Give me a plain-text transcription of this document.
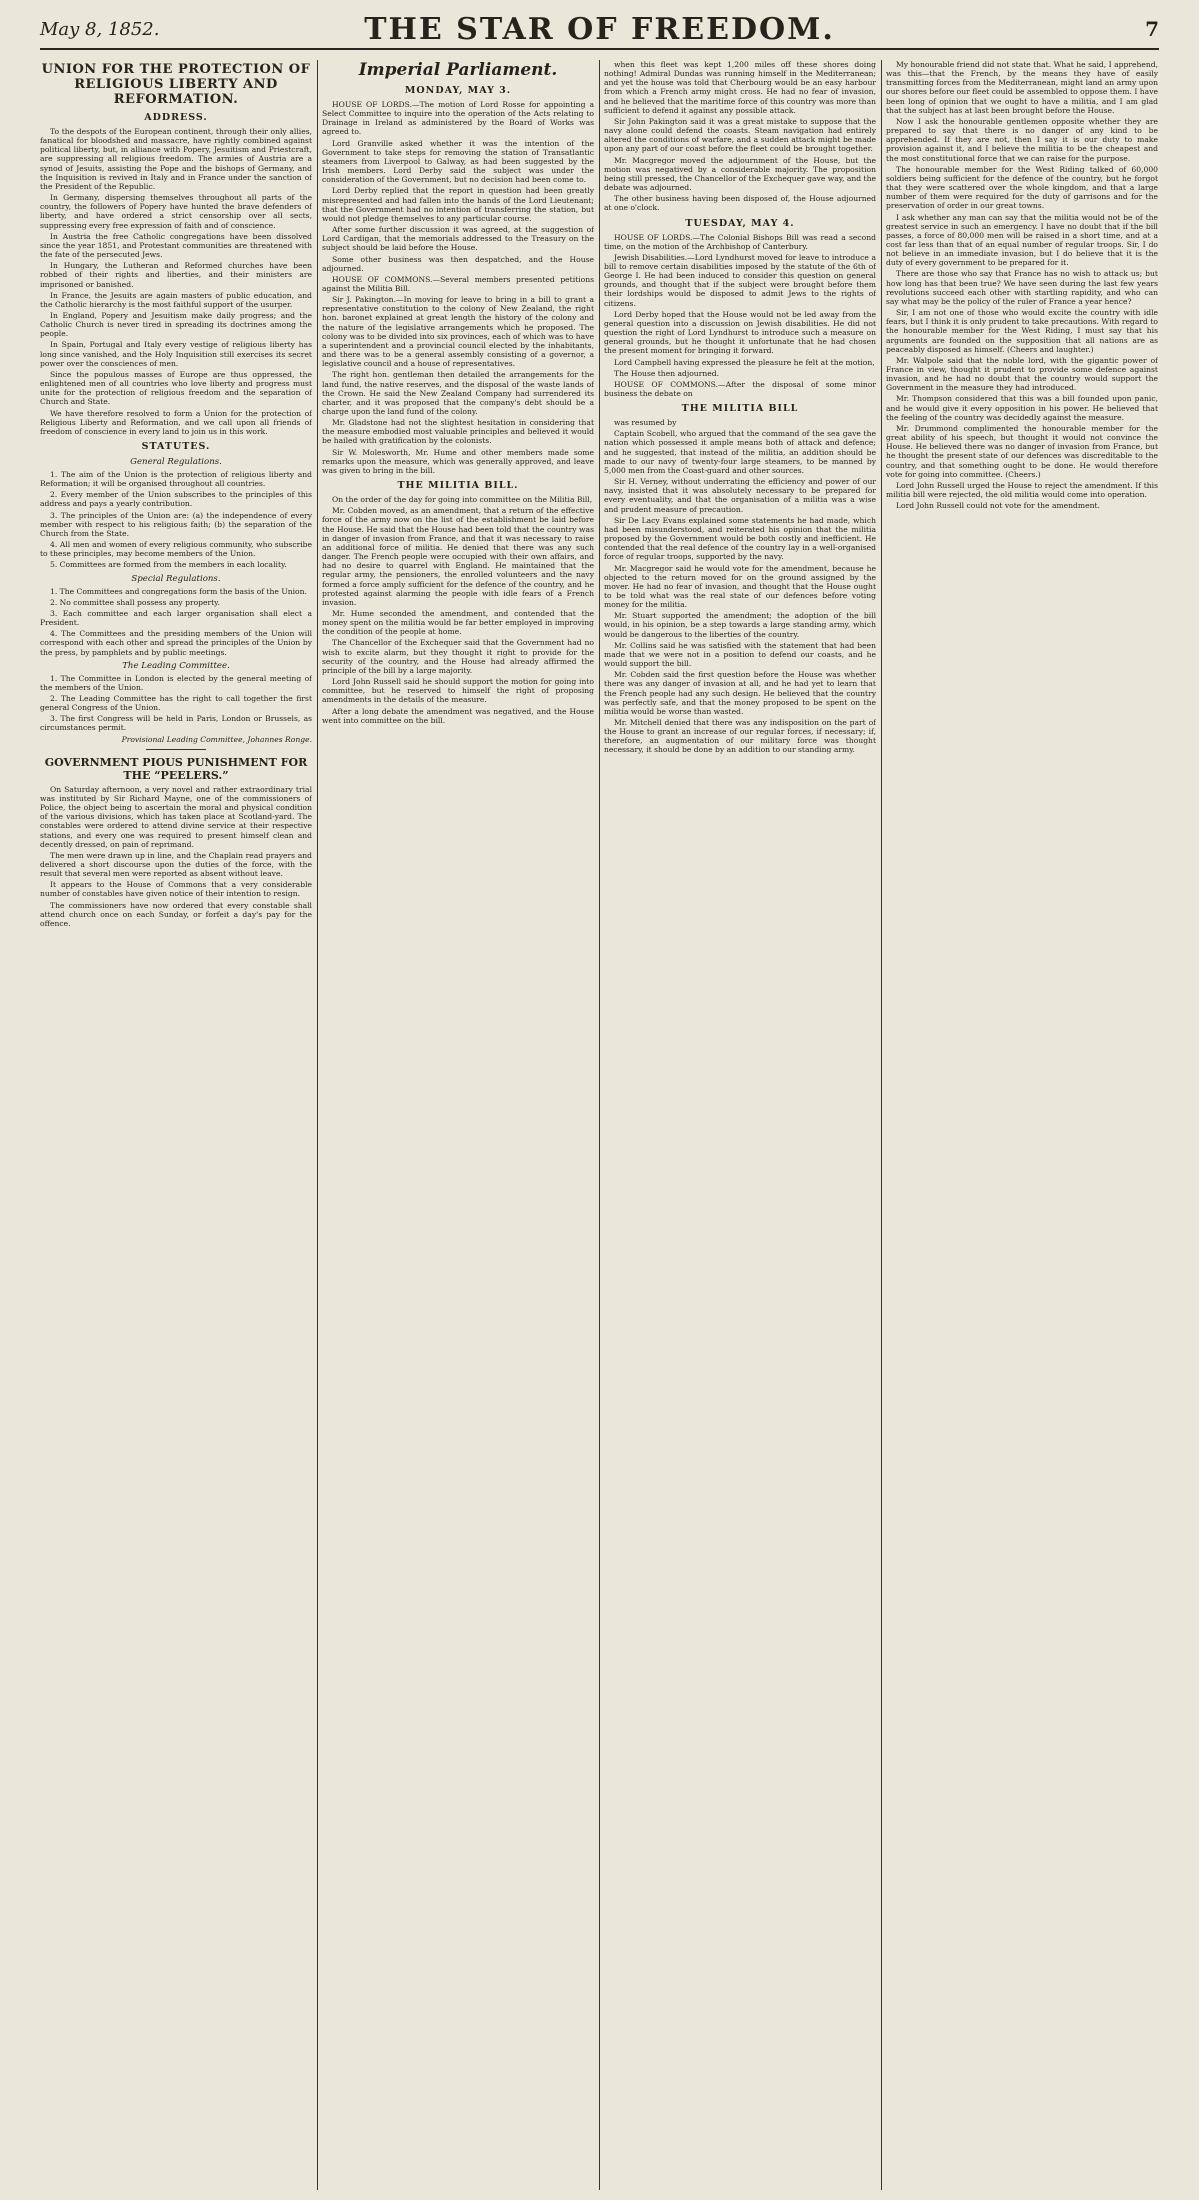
May 8, 1852.	THE STAR OF FREEDOM.	7
UNION FOR THE PROTECTION OF RELIGIOUS LIBERTY AND REFORMATION.
ADDRESS.

To the despots of the European continent, through their only allies, fanatical for bloodshed and massacre, have rightly combined against political liberty, but, in alliance with Popery, Jesuitism and Priestcraft, are suppressing all religious freedom. The armies of Austria are a synod of Jesuits, assisting the Pope and the bishops of Germany, and the Inquisition is revived in Italy and in France under the sanction of the President of the Republic.

In Germany, dispersing themselves throughout all parts of the country, the followers of Popery have hunted the brave defenders of liberty, and have ordered a strict censorship over all sects, suppressing every free expression of faith and of conscience.

In Austria the free Catholic congregations have been dissolved since the year 1851, and Protestant communities are threatened with the fate of the persecuted Jews.

In Hungary, the Lutheran and Reformed churches have been robbed of their rights and liberties, and their ministers are imprisoned or banished.

In France, the Jesuits are again masters of public education, and the Catholic hierarchy is the most faithful support of the usurper.

In England, Popery and Jesuitism make daily progress; and the Catholic Church is never tired in spreading its doctrines among the people.

In Spain, Portugal and Italy every vestige of religious liberty has long since vanished, and the Holy Inquisition still exercises its secret power over the consciences of men.

Since the populous masses of Europe are thus oppressed, the enlightened men of all countries who love liberty and progress must unite for the protection of religious freedom and the separation of Church and State.

We have therefore resolved to form a Union for the protection of Religious Liberty and Reformation, and we call upon all friends of freedom of conscience in every land to join us in this work.

STATUTES.
General Regulations.

1. The aim of the Union is the protection of religious liberty and Reformation; it will be organised throughout all countries.

2. Every member of the Union subscribes to the principles of this address and pays a yearly contribution.

3. The principles of the Union are: (a) the independence of every member with respect to his religious faith; (b) the separation of the Church from the State.

4. All men and women of every religious community, who subscribe to these principles, may become members of the Union.

5. Committees are formed from the members in each locality.

Special Regulations.

1. The Committees and congregations form the basis of the Union.

2. No committee shall possess any property.

3. Each committee and each larger organisation shall elect a President.

4. The Committees and the presiding members of the Union will correspond with each other and spread the principles of the Union by the press, by pamphlets and by public meetings.

The Leading Committee.

1. The Committee in London is elected by the general meeting of the members of the Union.

2. The Leading Committee has the right to call together the first general Congress of the Union.

3. The first Congress will be held in Paris, London or Brussels, as circumstances permit.

Provisional Leading Committee, Johannes Ronge.
GOVERNMENT PIOUS PUNISHMENT FOR THE “PEELERS.”

On Saturday afternoon, a very novel and rather extraordinary trial was instituted by Sir Richard Mayne, one of the commissioners of Police, the object being to ascertain the moral and physical condition of the various divisions, which has taken place at Scotland-yard. The constables were ordered to attend divine service at their respective stations, and every one was required to present himself clean and decently dressed, on pain of reprimand.

The men were drawn up in line, and the Chaplain read prayers and delivered a short discourse upon the duties of the force, with the result that several men were reported as absent without leave.

It appears to the House of Commons that a very considerable number of constables have given notice of their intention to resign.

The commissioners have now ordered that every constable shall attend church once on each Sunday, or forfeit a day's pay for the offence.

Imperial Parliament.
MONDAY, MAY 3.

HOUSE OF LORDS.—The motion of Lord Rosse for appointing a Select Committee to inquire into the operation of the Acts relating to Drainage in Ireland as administered by the Board of Works was agreed to.

Lord Granville asked whether it was the intention of the Government to take steps for removing the station of Transatlantic steamers from Liverpool to Galway, as had been suggested by the Irish members. Lord Derby said the subject was under the consideration of the Government, but no decision had been come to.

Lord Derby replied that the report in question had been greatly misrepresented and had fallen into the hands of the Lord Lieutenant; that the Government had no intention of transferring the station, but would not pledge themselves to any particular course.

After some further discussion it was agreed, at the suggestion of Lord Cardigan, that the memorials addressed to the Treasury on the subject should be laid before the House.

Some other business was then despatched, and the House adjourned.

HOUSE OF COMMONS.—Several members presented petitions against the Militia Bill.

Sir J. Pakington.—In moving for leave to bring in a bill to grant a representative constitution to the colony of New Zealand, the right hon. baronet explained at great length the history of the colony and the nature of the legislative arrangements which he proposed. The colony was to be divided into six provinces, each of which was to have a superintendent and a provincial council elected by the inhabitants, and there was to be a general assembly consisting of a governor, a legislative council and a house of representatives.

The right hon. gentleman then detailed the arrangements for the land fund, the native reserves, and the disposal of the waste lands of the Crown. He said the New Zealand Company had surrendered its charter, and it was proposed that the company's debt should be a charge upon the land fund of the colony.

Mr. Gladstone had not the slightest hesitation in considering that the measure embodied most valuable principles and believed it would be hailed with gratification by the colonists.

Sir W. Molesworth, Mr. Hume and other members made some remarks upon the measure, which was generally approved, and leave was given to bring in the bill.

THE MILITIA BILL.

On the order of the day for going into committee on the Militia Bill,

Mr. Cobden moved, as an amendment, that a return of the effective force of the army now on the list of the establishment be laid before the House. He said that the House had been told that the country was in danger of invasion from France, and that it was necessary to raise an additional force of militia. He denied that there was any such danger. The French people were occupied with their own affairs, and had no desire to quarrel with England. He maintained that the regular army, the pensioners, the enrolled volunteers and the navy formed a force amply sufficient for the defence of the country, and he protested against alarming the people with idle fears of a French invasion.

Mr. Hume seconded the amendment, and contended that the money spent on the militia would be far better employed in improving the condition of the people at home.

The Chancellor of the Exchequer said that the Government had no wish to excite alarm, but they thought it right to provide for the security of the country, and the House had already affirmed the principle of the bill by a large majority.

Lord John Russell said he should support the motion for going into committee, but he reserved to himself the right of proposing amendments in the details of the measure.

After a long debate the amendment was negatived, and the House went into committee on the bill.

when this fleet was kept 1,200 miles off these shores doing nothing! Admiral Dundas was running himself in the Mediterranean; and yet the house was told that Cherbourg would be an easy harbour from which a French army might cross. He had no fear of invasion, and he believed that the maritime force of this country was more than sufficient to defend it against any possible attack.

Sir John Pakington said it was a great mistake to suppose that the navy alone could defend the coasts. Steam navigation had entirely altered the conditions of warfare, and a sudden attack might be made upon any part of our coast before the fleet could be brought together.

Mr. Macgregor moved the adjournment of the House, but the motion was negatived by a considerable majority. The proposition being still pressed, the Chancellor of the Exchequer gave way, and the debate was adjourned.

The other business having been disposed of, the House adjourned at one o'clock.

TUESDAY, MAY 4.

HOUSE OF LORDS.—The Colonial Bishops Bill was read a second time, on the motion of the Archbishop of Canterbury.

Jewish Disabilities.—Lord Lyndhurst moved for leave to introduce a bill to remove certain disabilities imposed by the statute of the 6th of George I. He had been induced to consider this question on general grounds, and thought that if the subject were brought before them their lordships would be disposed to admit Jews to the rights of citizens.

Lord Derby hoped that the House would not be led away from the general question into a discussion on Jewish disabilities. He did not question the right of Lord Lyndhurst to introduce such a measure on general grounds, but he thought it unfortunate that he had chosen the present moment for bringing it forward.

Lord Campbell having expressed the pleasure he felt at the motion,

The House then adjourned.

HOUSE OF COMMONS.—After the disposal of some minor business the debate on

THE MILITIA BILL

was resumed by

Captain Scobell, who argued that the command of the sea gave the nation which possessed it ample means both of attack and defence; and he suggested, that instead of the militia, an addition should be made to our navy of twenty-four large steamers, to be manned by 5,000 men from the Coast-guard and other sources.

Sir H. Verney, without underrating the efficiency and power of our navy, insisted that it was absolutely necessary to be prepared for every eventuality, and that the organisation of a militia was a wise and prudent measure of precaution.

Sir De Lacy Evans explained some statements he had made, which had been misunderstood, and reiterated his opinion that the militia proposed by the Government would be both costly and inefficient. He contended that the real defence of the country lay in a well-organised force of regular troops, supported by the navy.

Mr. Macgregor said he would vote for the amendment, because he objected to the return moved for on the ground assigned by the mover. He had no fear of invasion, and thought that the House ought to be told what was the real state of our defences before voting money for the militia.

Mr. Stuart supported the amendment; the adoption of the bill would, in his opinion, be a step towards a large standing army, which would be dangerous to the liberties of the country.

Mr. Collins said he was satisfied with the statement that had been made that we were not in a position to defend our coasts, and he would support the bill.

Mr. Cobden said the first question before the House was whether there was any danger of invasion at all, and he had yet to learn that the French people had any such design. He believed that the country was perfectly safe, and that the money proposed to be spent on the militia would be worse than wasted.

Mr. Mitchell denied that there was any indisposition on the part of the House to grant an increase of our regular forces, if necessary; if, therefore, an augmentation of our military force was thought necessary, it should be done by an addition to our standing army.

My honourable friend did not state that. What he said, I apprehend, was this—that the French, by the means they have of easily transmitting forces from the Mediterranean, might land an army upon our shores before our fleet could be assembled to oppose them. I have been long of opinion that we ought to have a militia, and I am glad that the subject has at last been brought before the House.

Now I ask the honourable gentlemen opposite whether they are prepared to say that there is no danger of any kind to be apprehended. If they are not, then I say it is our duty to make provision against it, and I believe the militia to be the cheapest and the most constitutional force that we can raise for the purpose.

The honourable member for the West Riding talked of 60,000 soldiers being sufficient for the defence of the country, but he forgot that they were scattered over the whole kingdom, and that a large number of them were required for the duty of garrisons and for the preservation of order in our great towns.

I ask whether any man can say that the militia would not be of the greatest service in such an emergency. I have no doubt that if the bill passes, a force of 80,000 men will be raised in a short time, and at a cost far less than that of an equal number of regular troops. Sir, I do not believe in an immediate invasion, but I do believe that it is the duty of every government to be prepared for it.

There are those who say that France has no wish to attack us; but how long has that been true? We have seen during the last few years revolutions succeed each other with startling rapidity, and who can say what may be the policy of the ruler of France a year hence?

Sir, I am not one of those who would excite the country with idle fears, but I think it is only prudent to take precautions. With regard to the honourable member for the West Riding, I must say that his arguments are founded on the supposition that all nations are as peaceably disposed as himself. (Cheers and laughter.)

Mr. Walpole said that the noble lord, with the gigantic power of France in view, thought it prudent to provide some defence against invasion, and he had no doubt that the country would support the Government in the measure they had introduced.

Mr. Thompson considered that this was a bill founded upon panic, and he would give it every opposition in his power. He believed that the feeling of the country was decidedly against the measure.

Mr. Drummond complimented the honourable member for the great ability of his speech, but thought it would not convince the House. He believed there was no danger of invasion from France, but he thought the present state of our defences was discreditable to the country, and that something ought to be done. He would therefore vote for going into committee. (Cheers.)

Lord John Russell urged the House to reject the amendment. If this militia bill were rejected, the old militia would come into operation.

Lord John Russell could not vote for the amendment.
